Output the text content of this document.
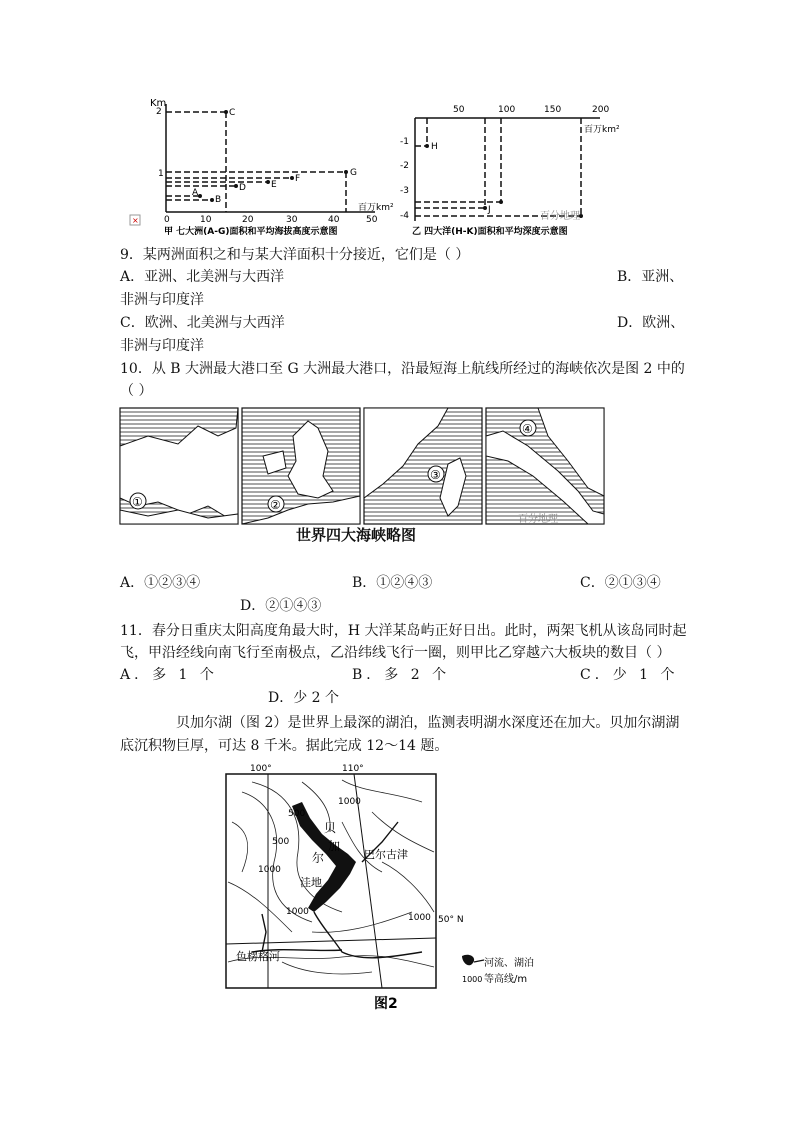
Km
2
1
0	10	20	30	40	50
百万km²
C
G
F
E
D
A
B
甲 七大洲(A-G)面积和平均海拔高度示意图
×
50	100	150	200
百万km²
-1
-2
-3
-4
H
J
百分地理
乙 四大洋(H-K)面积和平均深度示意图
9．某两洲面积之和与某大洋面积十分接近，它们是（ ）
A．亚洲、北美洲与大西洋	B．亚洲、
非洲与印度洋
C．欧洲、北美洲与大西洋	D．欧洲、
非洲与印度洋
10．从 B 大洲最大港口至 G 大洲最大港口，沿最短海上航线所经过的海峡依次是图 2 中的
（ ）
①	②
③
④
百分地理
世界四大海峡略图
A．①②③④	B．①②④③	C．②①③④
D．②①④③
11．春分日重庆太阳高度角最大时，H 大洋某岛屿正好日出。此时，两架飞机从该岛同时起
飞，甲沿经线向南飞行至南极点，乙沿纬线飞行一圈，则甲比乙穿越六大板块的数目（ ）
A．多 1 个	B．多 2 个	C．少 1 个
D．少 2 个
贝加尔湖（图 2）是世界上最深的湖泊，监测表明湖水深度还在加大。贝加尔湖湖
底沉积物巨厚，可达 8 千米。据此完成 12～14 题。
100°	110°
50° N
500
500
1000
1000
1000
1000
贝
加
尔
洼地
巴尔古津
色楞格河
河流、湖泊
1000 等高线/m
图2
